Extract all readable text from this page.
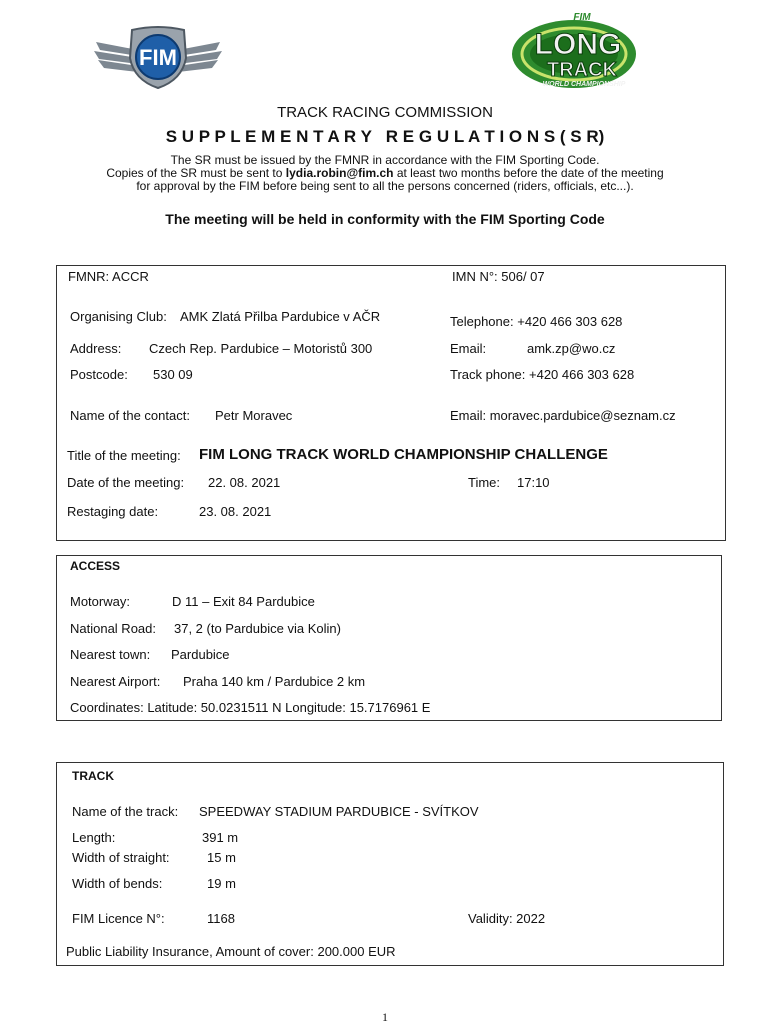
FIM
FIM
LONG
TRACK
WORLD CHAMPIONSHIP
TRACK RACING COMMISSION
S U P P L E M E N T A R Y   R E G U L A T I O N S ( S R)
The SR must be issued by the FMNR in accordance with the FIM Sporting Code.
Copies of the SR must be sent to lydia.robin@fim.ch at least two months before the date of the meeting
for approval by the FIM before being sent to all the persons concerned (riders, officials, etc...).
The meeting will be held in conformity with the FIM Sporting Code
FMNR: ACCR	IMN N°: 506/ 07
Organising Club: AMK Zlatá Přilba Pardubice v AČR	Telephone: +420 466 303 628
Address: Czech Rep. Pardubice – Motoristů 300	Email:	amk.zp@wo.cz
Postcode: 530 09	Track phone: +420 466 303 628
Name of the contact: Petr Moravec	Email: moravec.pardubice@seznam.cz
Title of the meeting: FIM LONG TRACK WORLD CHAMPIONSHIP CHALLENGE
Date of the meeting: 22. 08. 2021	Time: 17:10
Restaging date:	23. 08. 2021
ACCESS
Motorway:	D 11 – Exit 84 Pardubice
National Road: 37, 2 (to Pardubice via Kolin)
Nearest town: Pardubice
Nearest Airport: Praha 140 km / Pardubice 2 km
Coordinates: Latitude: 50.0231511 N Longitude: 15.7176961 E
TRACK
Name of the track: SPEEDWAY STADIUM PARDUBICE - SVÍTKOV
Length:	391 m
Width of straight:	15 m
Width of bends:	19 m
FIM Licence N°:	1168	Validity: 2022
Public Liability Insurance, Amount of cover: 200.000 EUR
1
